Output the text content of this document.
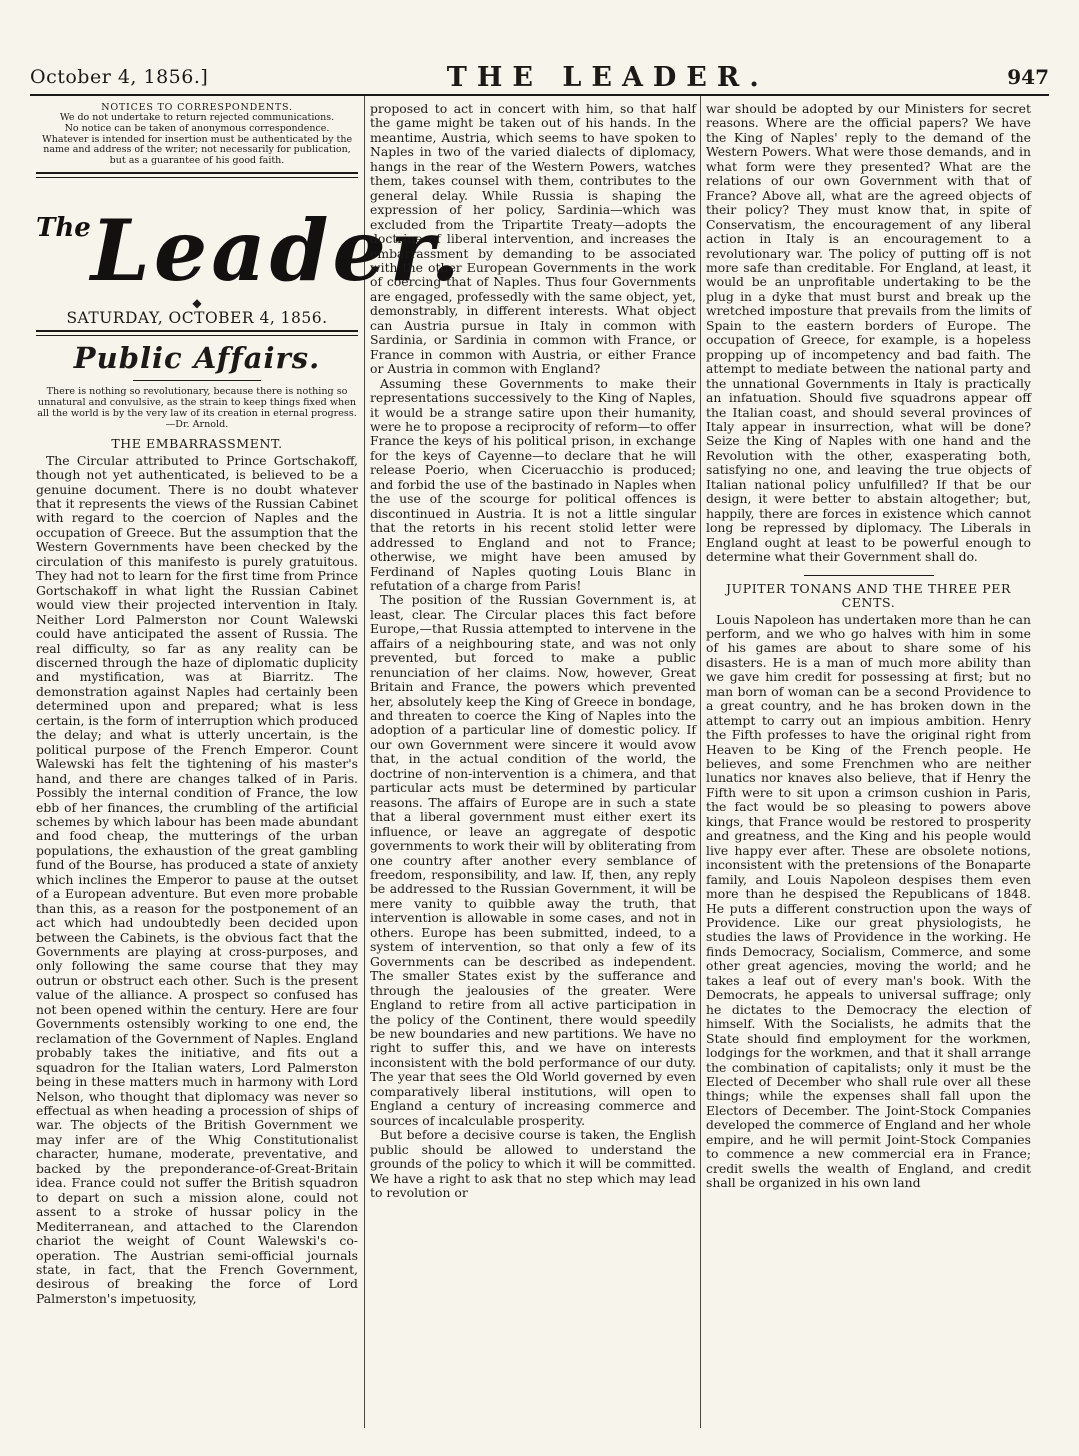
October 4, 1856.]	THE LEADER.	947

NOTICES TO CORRESPONDENTS.

We do not undertake to return rejected communications.

No notice can be taken of anonymous correspondence.

Whatever is intended for insertion must be authenticated by the name and address of the writer; not necessarily for publication, but as a guarantee of his good faith.

$^{The}$Leader.

◆

SATURDAY, OCTOBER 4, 1856.

Public Affairs.

There is nothing so revolutionary, because there is nothing so unnatural and convulsive, as the strain to keep things fixed when all the world is by the very law of its creation in eternal progress.—Dr. Arnold.

THE EMBARRASSMENT.

The Circular attributed to Prince Gortschakoff, though not yet authenticated, is believed to be a genuine document. There is no doubt whatever that it represents the views of the Russian Cabinet with regard to the coercion of Naples and the occupation of Greece. But the assumption that the Western Governments have been checked by the circulation of this manifesto is purely gratuitous. They had not to learn for the first time from Prince Gortschakoff in what light the Russian Cabinet would view their projected intervention in Italy. Neither Lord Palmerston nor Count Walewski could have anticipated the assent of Russia. The real difficulty, so far as any reality can be discerned through the haze of diplomatic duplicity and mystification, was at Biarritz. The demonstration against Naples had certainly been determined upon and prepared; what is less certain, is the form of interruption which produced the delay; and what is utterly uncertain, is the political purpose of the French Emperor. Count Walewski has felt the tightening of his master's hand, and there are changes talked of in Paris. Possibly the internal condition of France, the low ebb of her finances, the crumbling of the artificial schemes by which labour has been made abundant and food cheap, the mutterings of the urban populations, the exhaustion of the great gambling fund of the Bourse, has produced a state of anxiety which inclines the Emperor to pause at the outset of a European adventure. But even more probable than this, as a reason for the postponement of an act which had undoubtedly been decided upon between the Cabinets, is the obvious fact that the Governments are playing at cross-purposes, and only following the same course that they may outrun or obstruct each other. Such is the present value of the alliance. A prospect so confused has not been opened within the century. Here are four Governments ostensibly working to one end, the reclamation of the Government of Naples. England probably takes the initiative, and fits out a squadron for the Italian waters, Lord Palmerston being in these matters much in harmony with Lord Nelson, who thought that diplomacy was never so effectual as when heading a procession of ships of war. The objects of the British Government we may infer are of the Whig Constitutionalist character, humane, moderate, preventative, and backed by the preponderance-of-Great-Britain idea. France could not suffer the British squadron to depart on such a mission alone, could not assent to a stroke of hussar policy in the Mediterranean, and attached to the Clarendon chariot the weight of Count Walewski's co-operation. The Austrian semi-official journals state, in fact, that the French Government, desirous of breaking the force of Lord Palmerston's impetuosity,

proposed to act in concert with him, so that half the game might be taken out of his hands. In the meantime, Austria, which seems to have spoken to Naples in two of the varied dialects of diplomacy, hangs in the rear of the Western Powers, watches them, takes counsel with them, contributes to the general delay. While Russia is shaping the expression of her policy, Sardinia—which was excluded from the Tripartite Treaty—adopts the doctrine of liberal intervention, and increases the embarrassment by demanding to be associated with the other European Governments in the work of coercing that of Naples. Thus four Governments are engaged, professedly with the same object, yet, demonstrably, in different interests. What object can Austria pursue in Italy in common with Sardinia, or Sardinia in common with France, or France in common with Austria, or either France or Austria in common with England?

Assuming these Governments to make their representations successively to the King of Naples, it would be a strange satire upon their humanity, were he to propose a reciprocity of reform—to offer France the keys of his political prison, in exchange for the keys of Cayenne—to declare that he will release Poerio, when Ciceruacchio is produced; and forbid the use of the bastinado in Naples when the use of the scourge for political offences is discontinued in Austria. It is not a little singular that the retorts in his recent stolid letter were addressed to England and not to France; otherwise, we might have been amused by Ferdinand of Naples quoting Louis Blanc in refutation of a charge from Paris!

The position of the Russian Government is, at least, clear. The Circular places this fact before Europe,—that Russia attempted to intervene in the affairs of a neighbouring state, and was not only prevented, but forced to make a public renunciation of her claims. Now, however, Great Britain and France, the powers which prevented her, absolutely keep the King of Greece in bondage, and threaten to coerce the King of Naples into the adoption of a particular line of domestic policy. If our own Government were sincere it would avow that, in the actual condition of the world, the doctrine of non-intervention is a chimera, and that particular acts must be determined by particular reasons. The affairs of Europe are in such a state that a liberal government must either exert its influence, or leave an aggregate of despotic governments to work their will by obliterating from one country after another every semblance of freedom, responsibility, and law. If, then, any reply be addressed to the Russian Government, it will be mere vanity to quibble away the truth, that intervention is allowable in some cases, and not in others. Europe has been submitted, indeed, to a system of intervention, so that only a few of its Governments can be described as independent. The smaller States exist by the sufferance and through the jealousies of the greater. Were England to retire from all active participation in the policy of the Continent, there would speedily be new boundaries and new partitions. We have no right to suffer this, and we have on interests inconsistent with the bold performance of our duty. The year that sees the Old World governed by even comparatively liberal institutions, will open to England a century of increasing commerce and sources of incalculable prosperity.

But before a decisive course is taken, the English public should be allowed to understand the grounds of the policy to which it will be committed. We have a right to ask that no step which may lead to revolution or

war should be adopted by our Ministers for secret reasons. Where are the official papers? We have the King of Naples' reply to the demand of the Western Powers. What were those demands, and in what form were they presented? What are the relations of our own Government with that of France? Above all, what are the agreed objects of their policy? They must know that, in spite of Conservatism, the encouragement of any liberal action in Italy is an encouragement to a revolutionary war. The policy of putting off is not more safe than creditable. For England, at least, it would be an unprofitable undertaking to be the plug in a dyke that must burst and break up the wretched imposture that prevails from the limits of Spain to the eastern borders of Europe. The occupation of Greece, for example, is a hopeless propping up of incompetency and bad faith. The attempt to mediate between the national party and the unnational Governments in Italy is practically an infatuation. Should five squadrons appear off the Italian coast, and should several provinces of Italy appear in insurrection, what will be done? Seize the King of Naples with one hand and the Revolution with the other, exasperating both, satisfying no one, and leaving the true objects of Italian national policy unfulfilled? If that be our design, it were better to abstain altogether; but, happily, there are forces in existence which cannot long be repressed by diplomacy. The Liberals in England ought at least to be powerful enough to determine what their Government shall do.

JUPITER TONANS AND THE THREE PER CENTS.

Louis Napoleon has undertaken more than he can perform, and we who go halves with him in some of his games are about to share some of his disasters. He is a man of much more ability than we gave him credit for possessing at first; but no man born of woman can be a second Providence to a great country, and he has broken down in the attempt to carry out an impious ambition. Henry the Fifth professes to have the original right from Heaven to be King of the French people. He believes, and some Frenchmen who are neither lunatics nor knaves also believe, that if Henry the Fifth were to sit upon a crimson cushion in Paris, the fact would be so pleasing to powers above kings, that France would be restored to prosperity and greatness, and the King and his people would live happy ever after. These are obsolete notions, inconsistent with the pretensions of the Bonaparte family, and Louis Napoleon despises them even more than he despised the Republicans of 1848. He puts a different construction upon the ways of Providence. Like our great physiologists, he studies the laws of Providence in the working. He finds Democracy, Socialism, Commerce, and some other great agencies, moving the world; and he takes a leaf out of every man's book. With the Democrats, he appeals to universal suffrage; only he dictates to the Democracy the election of himself. With the Socialists, he admits that the State should find employment for the workmen, lodgings for the workmen, and that it shall arrange the combination of capitalists; only it must be the Elected of December who shall rule over all these things; while the expenses shall fall upon the Electors of December. The Joint-Stock Companies developed the commerce of England and her whole empire, and he will permit Joint-Stock Companies to commence a new commercial era in France; credit swells the wealth of England, and credit shall be organized in his own land
